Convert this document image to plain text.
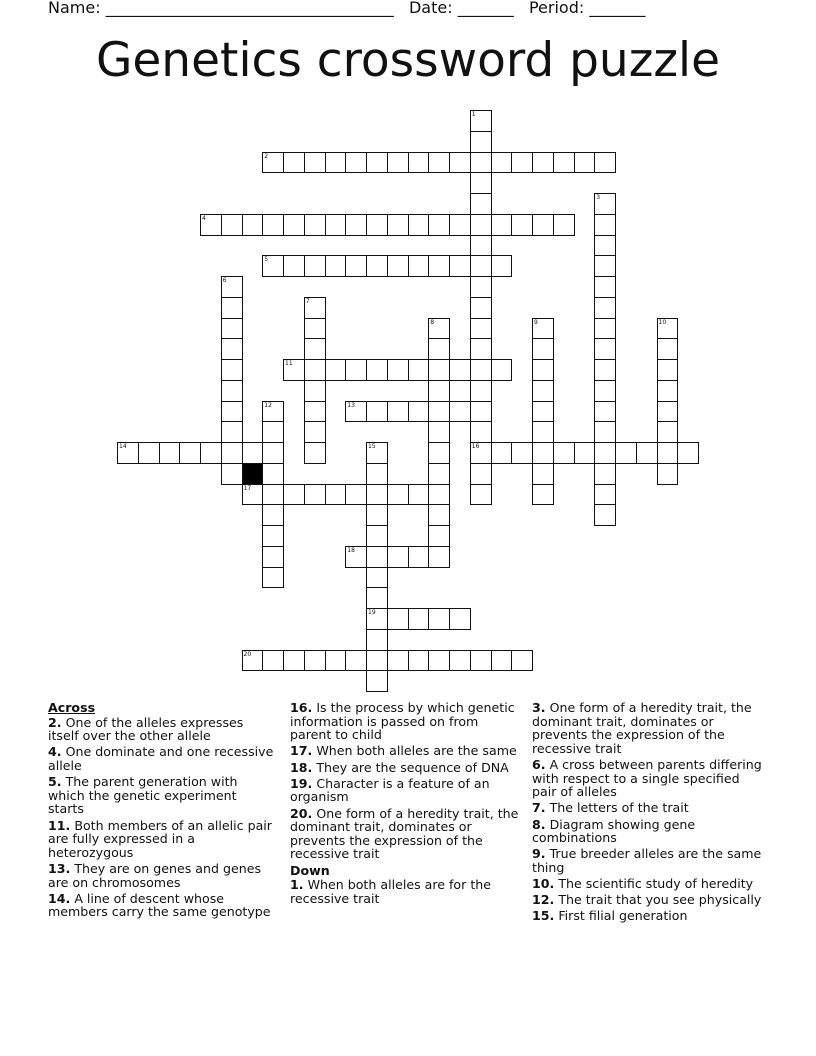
Name: ____________________________________ Date: _______ Period: _______
Genetics crossword puzzle
1
16
2
3
4
5
6
7
8	9	10
11
12	13
14	15
19
17
18
20
Across
2. One of the alleles expresses itself over the other allele
4. One dominate and one recessive allele
5. The parent generation with which the genetic experiment starts
11. Both members of an allelic pair are fully expressed in a heterozygous
13. They are on genes and genes are on chromosomes
14. A line of descent whose members carry the same genotype
16. Is the process by which genetic information is passed on from parent to child
17. When both alleles are the same
18. They are the sequence of DNA
19. Character is a feature of an organism
20. One form of a heredity trait, the dominant trait, dominates or prevents the expression of the recessive trait
Down
1. When both alleles are for the recessive trait
3. One form of a heredity trait, the dominant trait, dominates or prevents the expression of the recessive trait
6. A cross between parents differing with respect to a single specified pair of alleles
7. The letters of the trait
8. Diagram showing gene combinations
9. True breeder alleles are the same thing
10. The scientific study of heredity
12. The trait that you see physically
15. First filial generation
